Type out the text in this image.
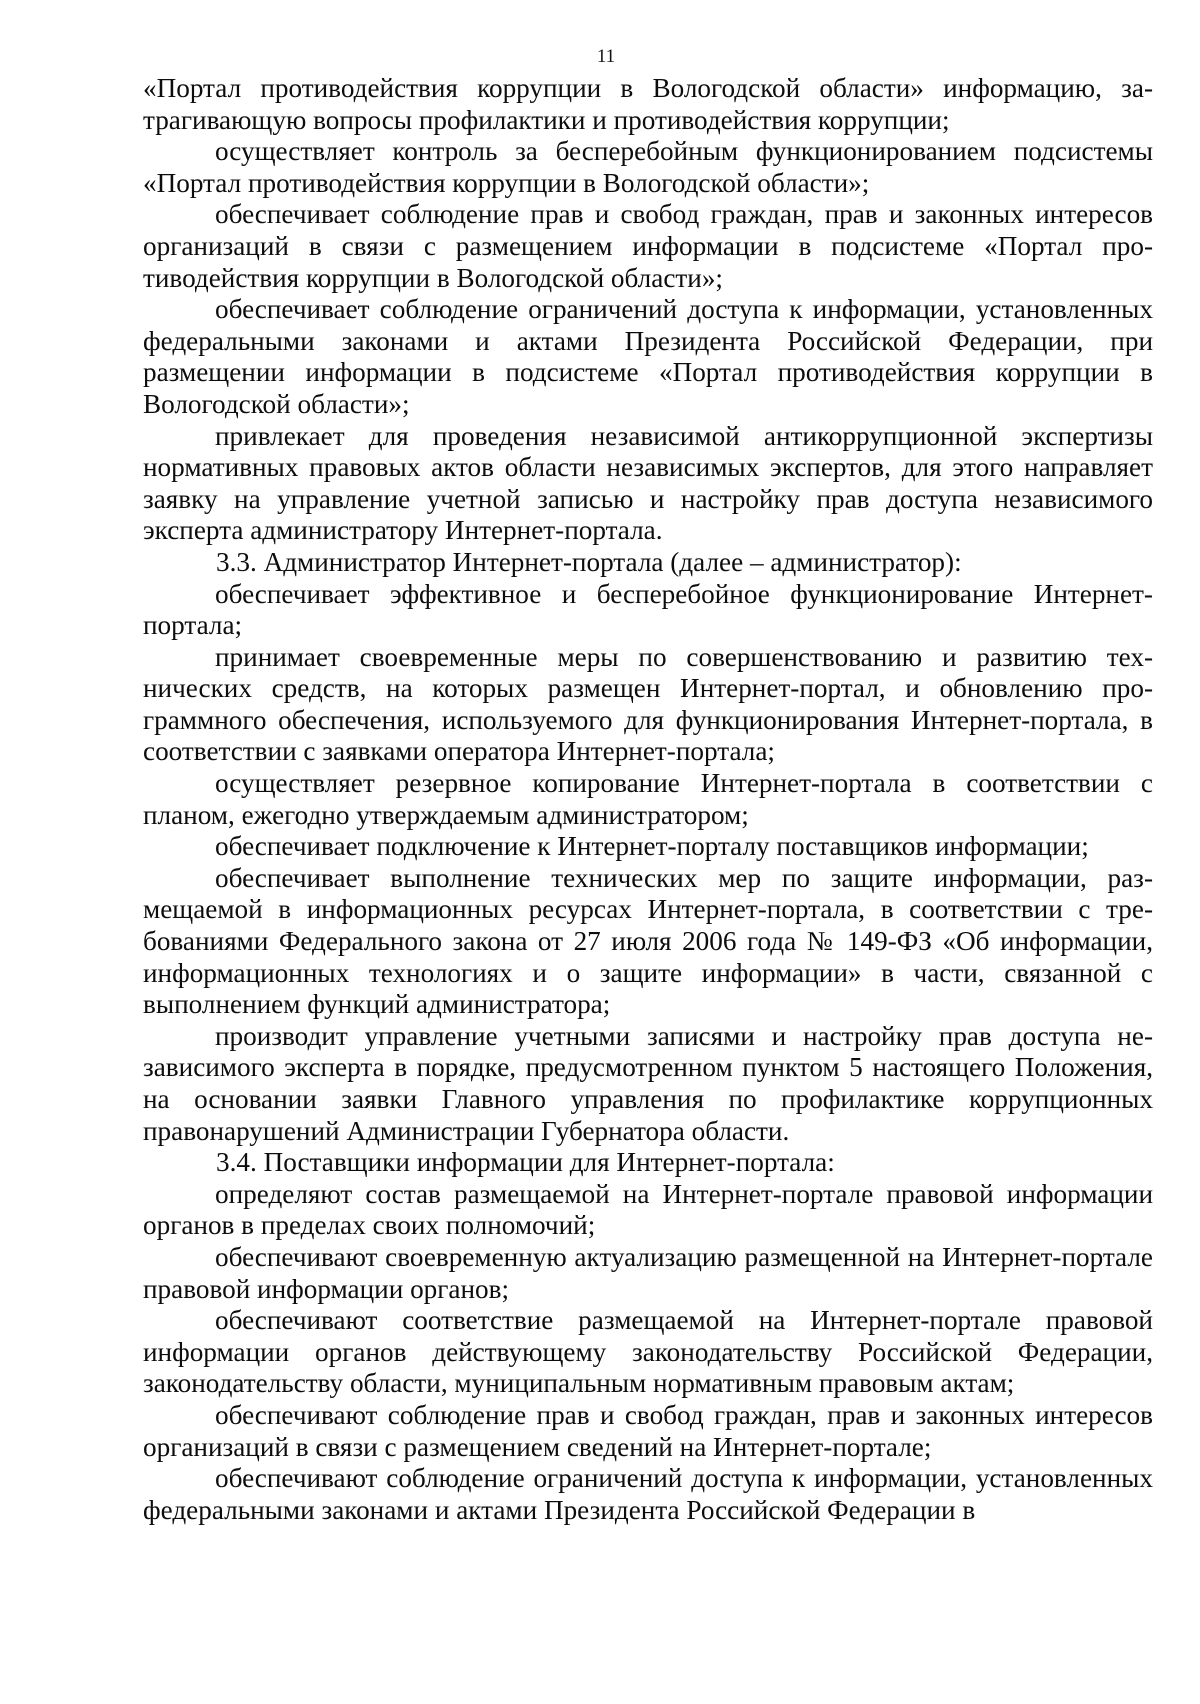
11

«Портал противодействия коррупции в Вологодской области» информацию, затрагивающую вопросы профилактики и противодействия коррупции;

осуществляет контроль за бесперебойным функционированием подсистемы «Портал противодействия коррупции в Вологодской области»;

обеспечивает соблюдение прав и свобод граждан, прав и законных интересов организаций в связи с размещением информации в подсистеме «Портал противодействия коррупции в Вологодской области»;

обеспечивает соблюдение ограничений доступа к информации, установленных федеральными законами и актами Президента Российской Федерации, при размещении информации в подсистеме «Портал противодействия коррупции в Вологодской области»;

привлекает для проведения независимой антикоррупционной экспертизы нормативных правовых актов области независимых экспертов, для этого направляет заявку на управление учетной записью и настройку прав доступа независимого эксперта администратору Интернет-портала.

3.3. Администратор Интернет-портала (далее – администратор):

обеспечивает эффективное и бесперебойное функционирование Интернет-портала;

принимает своевременные меры по совершенствованию и развитию технических средств, на которых размещен Интернет-портал, и обновлению программного обеспечения, используемого для функционирования Интернет-портала, в соответствии с заявками оператора Интернет-портала;

осуществляет резервное копирование Интернет-портала в соответствии с планом, ежегодно утверждаемым администратором;

обеспечивает подключение к Интернет-порталу поставщиков информации;

обеспечивает выполнение технических мер по защите информации, размещаемой в информационных ресурсах Интернет-портала, в соответствии с требованиями Федерального закона от 27 июля 2006 года № 149-ФЗ «Об информации, информационных технологиях и о защите информации» в части, связанной с выполнением функций администратора;

производит управление учетными записями и настройку прав доступа независимого эксперта в порядке, предусмотренном пунктом 5 настоящего Положения, на основании заявки Главного управления по профилактике коррупционных правонарушений Администрации Губернатора области.

3.4. Поставщики информации для Интернет-портала:

определяют состав размещаемой на Интернет-портале правовой информации органов в пределах своих полномочий;

обеспечивают своевременную актуализацию размещенной на Интернет-портале правовой информации органов;

обеспечивают соответствие размещаемой на Интернет-портале правовой информации органов действующему законодательству Российской Федерации, законодательству области, муниципальным нормативным правовым актам;

обеспечивают соблюдение прав и свобод граждан, прав и законных интересов организаций в связи с размещением сведений на Интернет-портале;

обеспечивают соблюдение ограничений доступа к информации, установленных федеральными законами и актами Президента Российской Федерации в
